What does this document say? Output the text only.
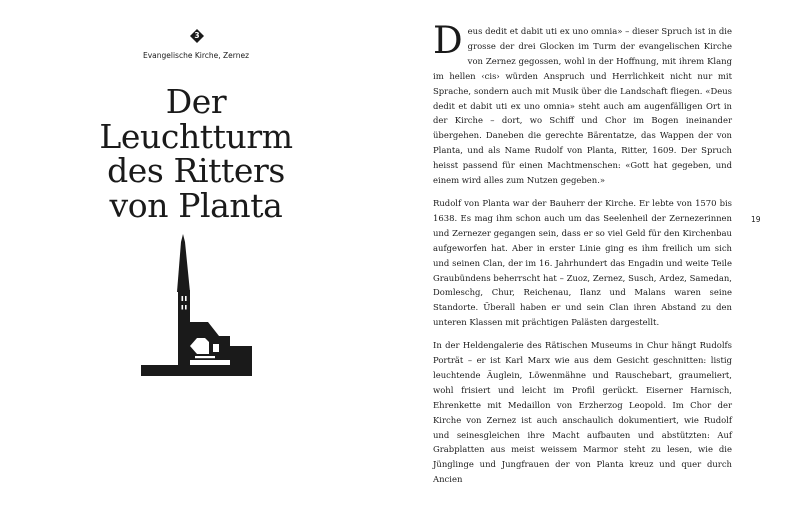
3
Evangelische Kirche, Zernez
Der
Leuchtturm
des Ritters
von Planta

Deus dedit et dabit uti ex uno omnia» – dieser Spruch ist in die grosse der drei Glocken im Turm der evangelischen Kirche von Zernez gegossen, wohl in der Hoffnung, mit ihrem Klang im hellen ‹cis› würden Anspruch und Herrlichkeit nicht nur mit Sprache, sondern auch mit Musik über die Landschaft fliegen. «Deus dedit et dabit uti ex uno omnia» steht auch am augenfälligen Ort in der Kirche – dort, wo Schiff und Chor im Bogen ineinander übergehen. Daneben die gerechte Bärentatze, das Wappen der von Planta, und als Name Rudolf von Planta, Ritter, 1609. Der Spruch heisst passend für einen Machtmenschen: «Gott hat gegeben, und einem wird alles zum Nutzen gegeben.»

Rudolf von Planta war der Bauherr der Kirche. Er lebte von 1570 bis 1638. Es mag ihm schon auch um das Seelenheil der Zernezerinnen und Zernezer gegangen sein, dass er so viel Geld für den Kirchenbau aufgeworfen hat. Aber in erster Linie ging es ihm freilich um sich und seinen Clan, der im 16. Jahrhundert das Engadin und weite Teile Graubündens beherrscht hat – Zuoz, Zernez, Susch, Ardez, Samedan, Domleschg, Chur, Reichenau, Ilanz und Malans waren seine Standorte. Überall haben er und sein Clan ihren Abstand zu den unteren Klassen mit prächtigen Palästen dargestellt.

In der Heldengalerie des Rätischen Museums in Chur hängt Rudolfs Porträt – er ist Karl Marx wie aus dem Gesicht geschnitten: listig leuchtende Äuglein, Löwenmähne und Rauschebart, graumeliert, wohl frisiert und leicht im Profil gerückt. Eiserner Harnisch, Ehrenkette mit Medaillon von Erzherzog Leopold. Im Chor der Kirche von Zernez ist auch anschaulich dokumentiert, wie Rudolf und seinesgleichen ihre Macht aufbauten und abstützten: Auf Grabplatten aus meist weissem Marmor steht zu lesen, wie die Jünglinge und Jungfrauen der von Planta kreuz und quer durch Ancien

19
